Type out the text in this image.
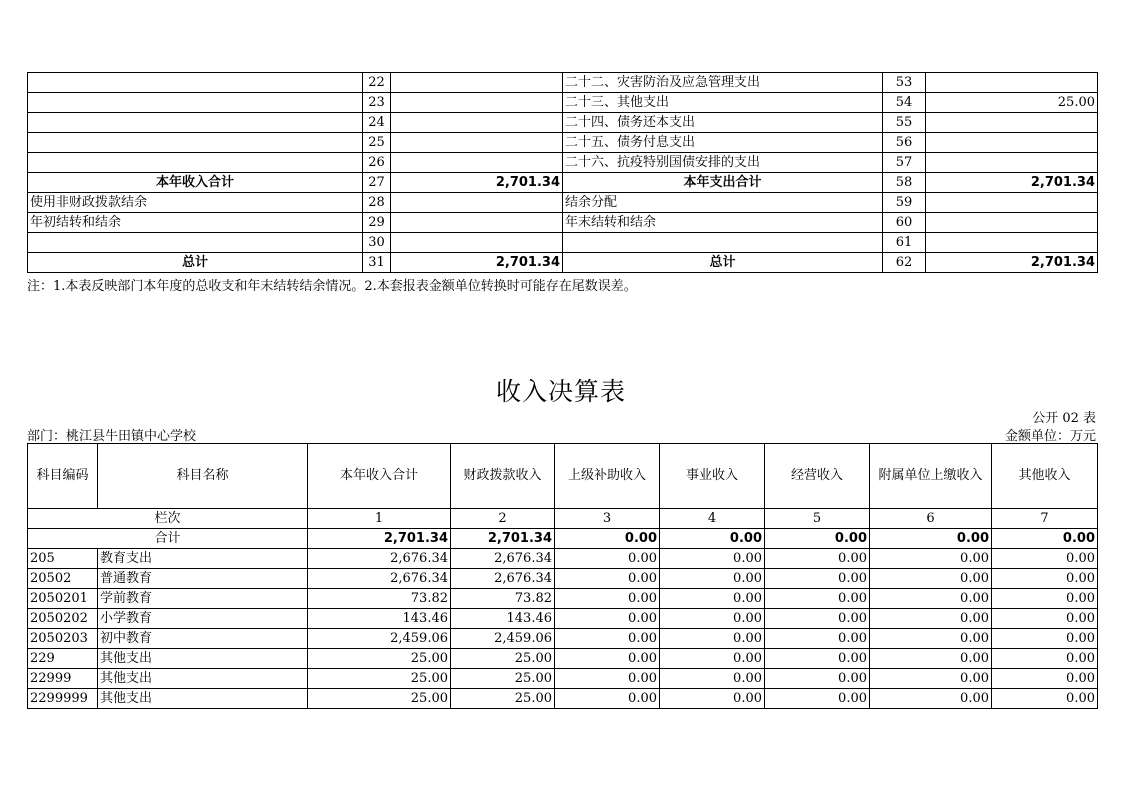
	22		二十二、灾害防治及应急管理支出	53	
	23		二十三、其他支出	54	25.00
	24		二十四、债务还本支出	55	
	25		二十五、债务付息支出	56	
	26		二十六、抗疫特别国债安排的支出	57	
本年收入合计	27	2,701.34	本年支出合计	58	2,701.34
使用非财政拨款结余	28		结余分配	59	
年初结转和结余	29		年末结转和结余	60	
	30			61	
总计	31	2,701.34	总计	62	2,701.34
注：1.本表反映部门本年度的总收支和年末结转结余情况。2.本套报表金额单位转换时可能存在尾数误差。
收入决算表
公开 02 表
部门：桃江县牛田镇中心学校	金额单位：万元
科目编码	科目名称	本年收入合计	财政拨款收入	上级补助收入	事业收入	经营收入	附属单位上缴收入	其他收入
栏次		1	2	3	4	5	6	7
合计		2,701.34	2,701.34	0.00	0.00	0.00	0.00	0.00
205	教育支出	2,676.34	2,676.34	0.00	0.00	0.00	0.00	0.00
20502	普通教育	2,676.34	2,676.34	0.00	0.00	0.00	0.00	0.00
2050201	学前教育	73.82	73.82	0.00	0.00	0.00	0.00	0.00
2050202	小学教育	143.46	143.46	0.00	0.00	0.00	0.00	0.00
2050203	初中教育	2,459.06	2,459.06	0.00	0.00	0.00	0.00	0.00
229	其他支出	25.00	25.00	0.00	0.00	0.00	0.00	0.00
22999	其他支出	25.00	25.00	0.00	0.00	0.00	0.00	0.00
2299999	其他支出	25.00	25.00	0.00	0.00	0.00	0.00	0.00
